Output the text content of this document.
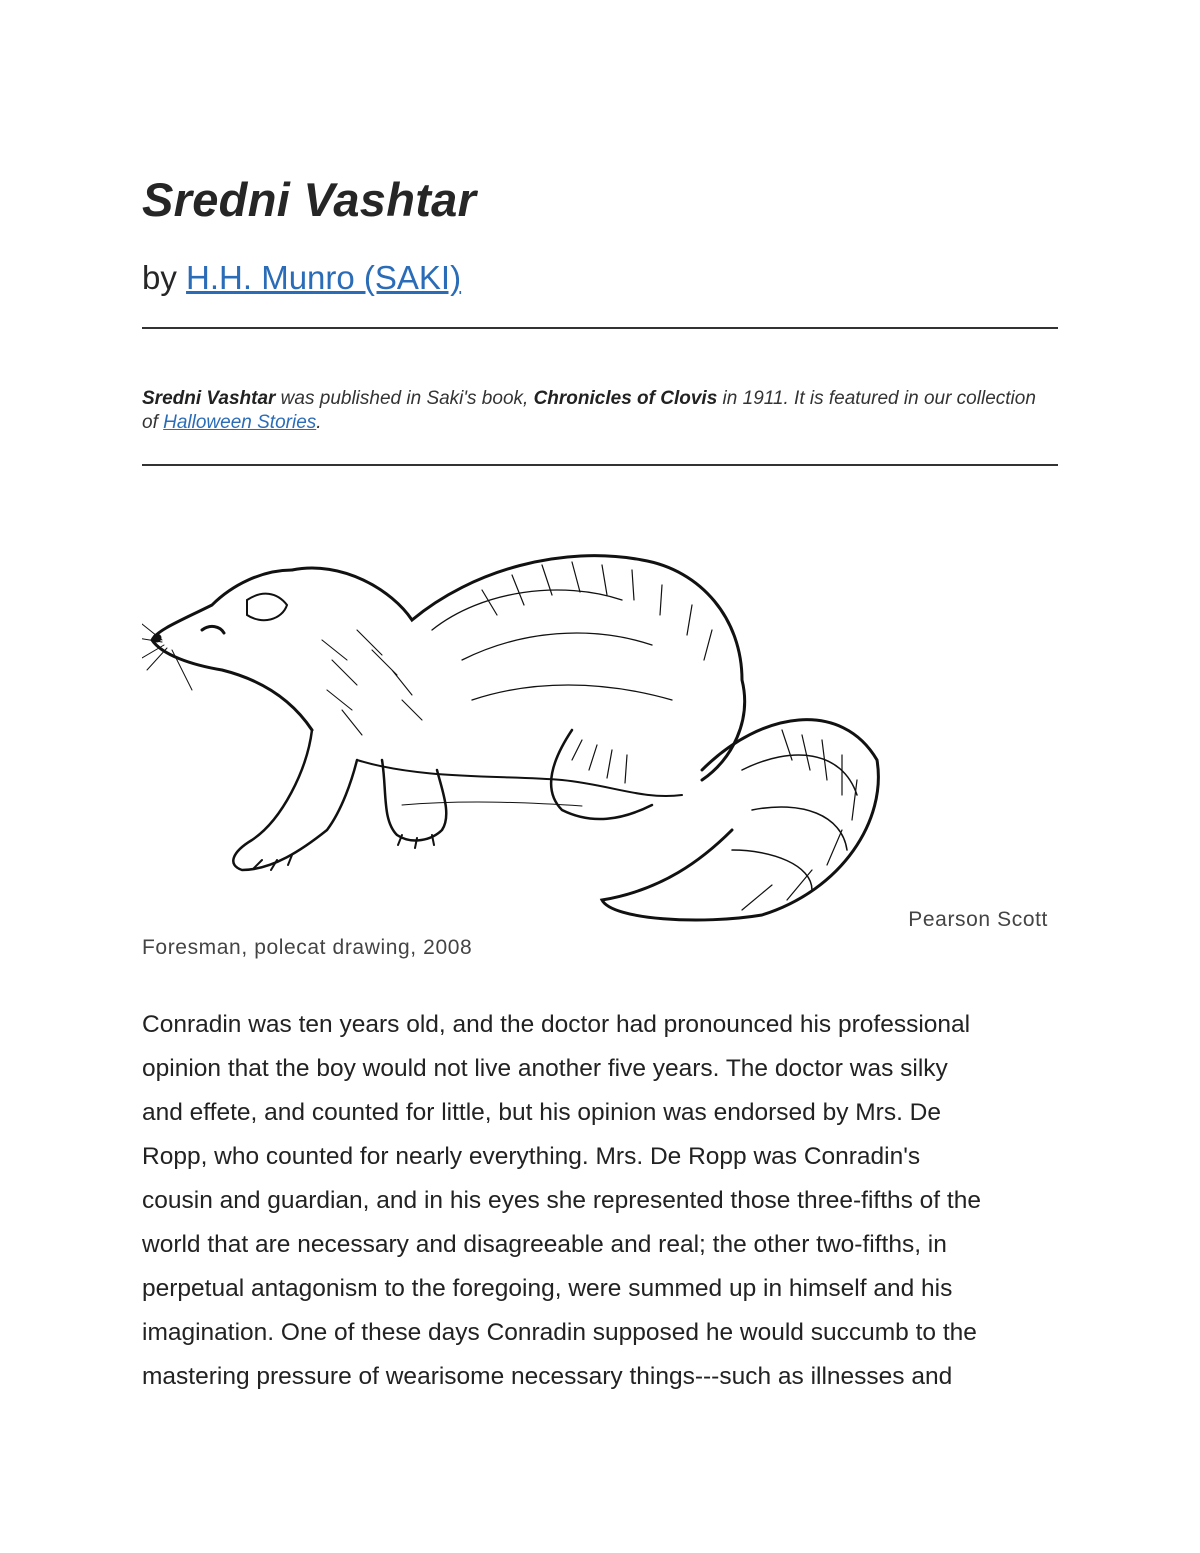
Sredni Vashtar
by H.H. Munro (SAKI)
Sredni Vashtar was published in Saki's book, Chronicles of Clovis in 1911. It is featured in our collection of Halloween Stories.
Pearson Scott
Foresman, polecat drawing, 2008

Conradin was ten years old, and the doctor had pronounced his professional
opinion that the boy would not live another five years. The doctor was silky
and effete, and counted for little, but his opinion was endorsed by Mrs. De
Ropp, who counted for nearly everything. Mrs. De Ropp was Conradin's
cousin and guardian, and in his eyes she represented those three-fifths of the
world that are necessary and disagreeable and real; the other two-fifths, in
perpetual antagonism to the foregoing, were summed up in himself and his
imagination. One of these days Conradin supposed he would succumb to the
mastering pressure of wearisome necessary things---such as illnesses and
